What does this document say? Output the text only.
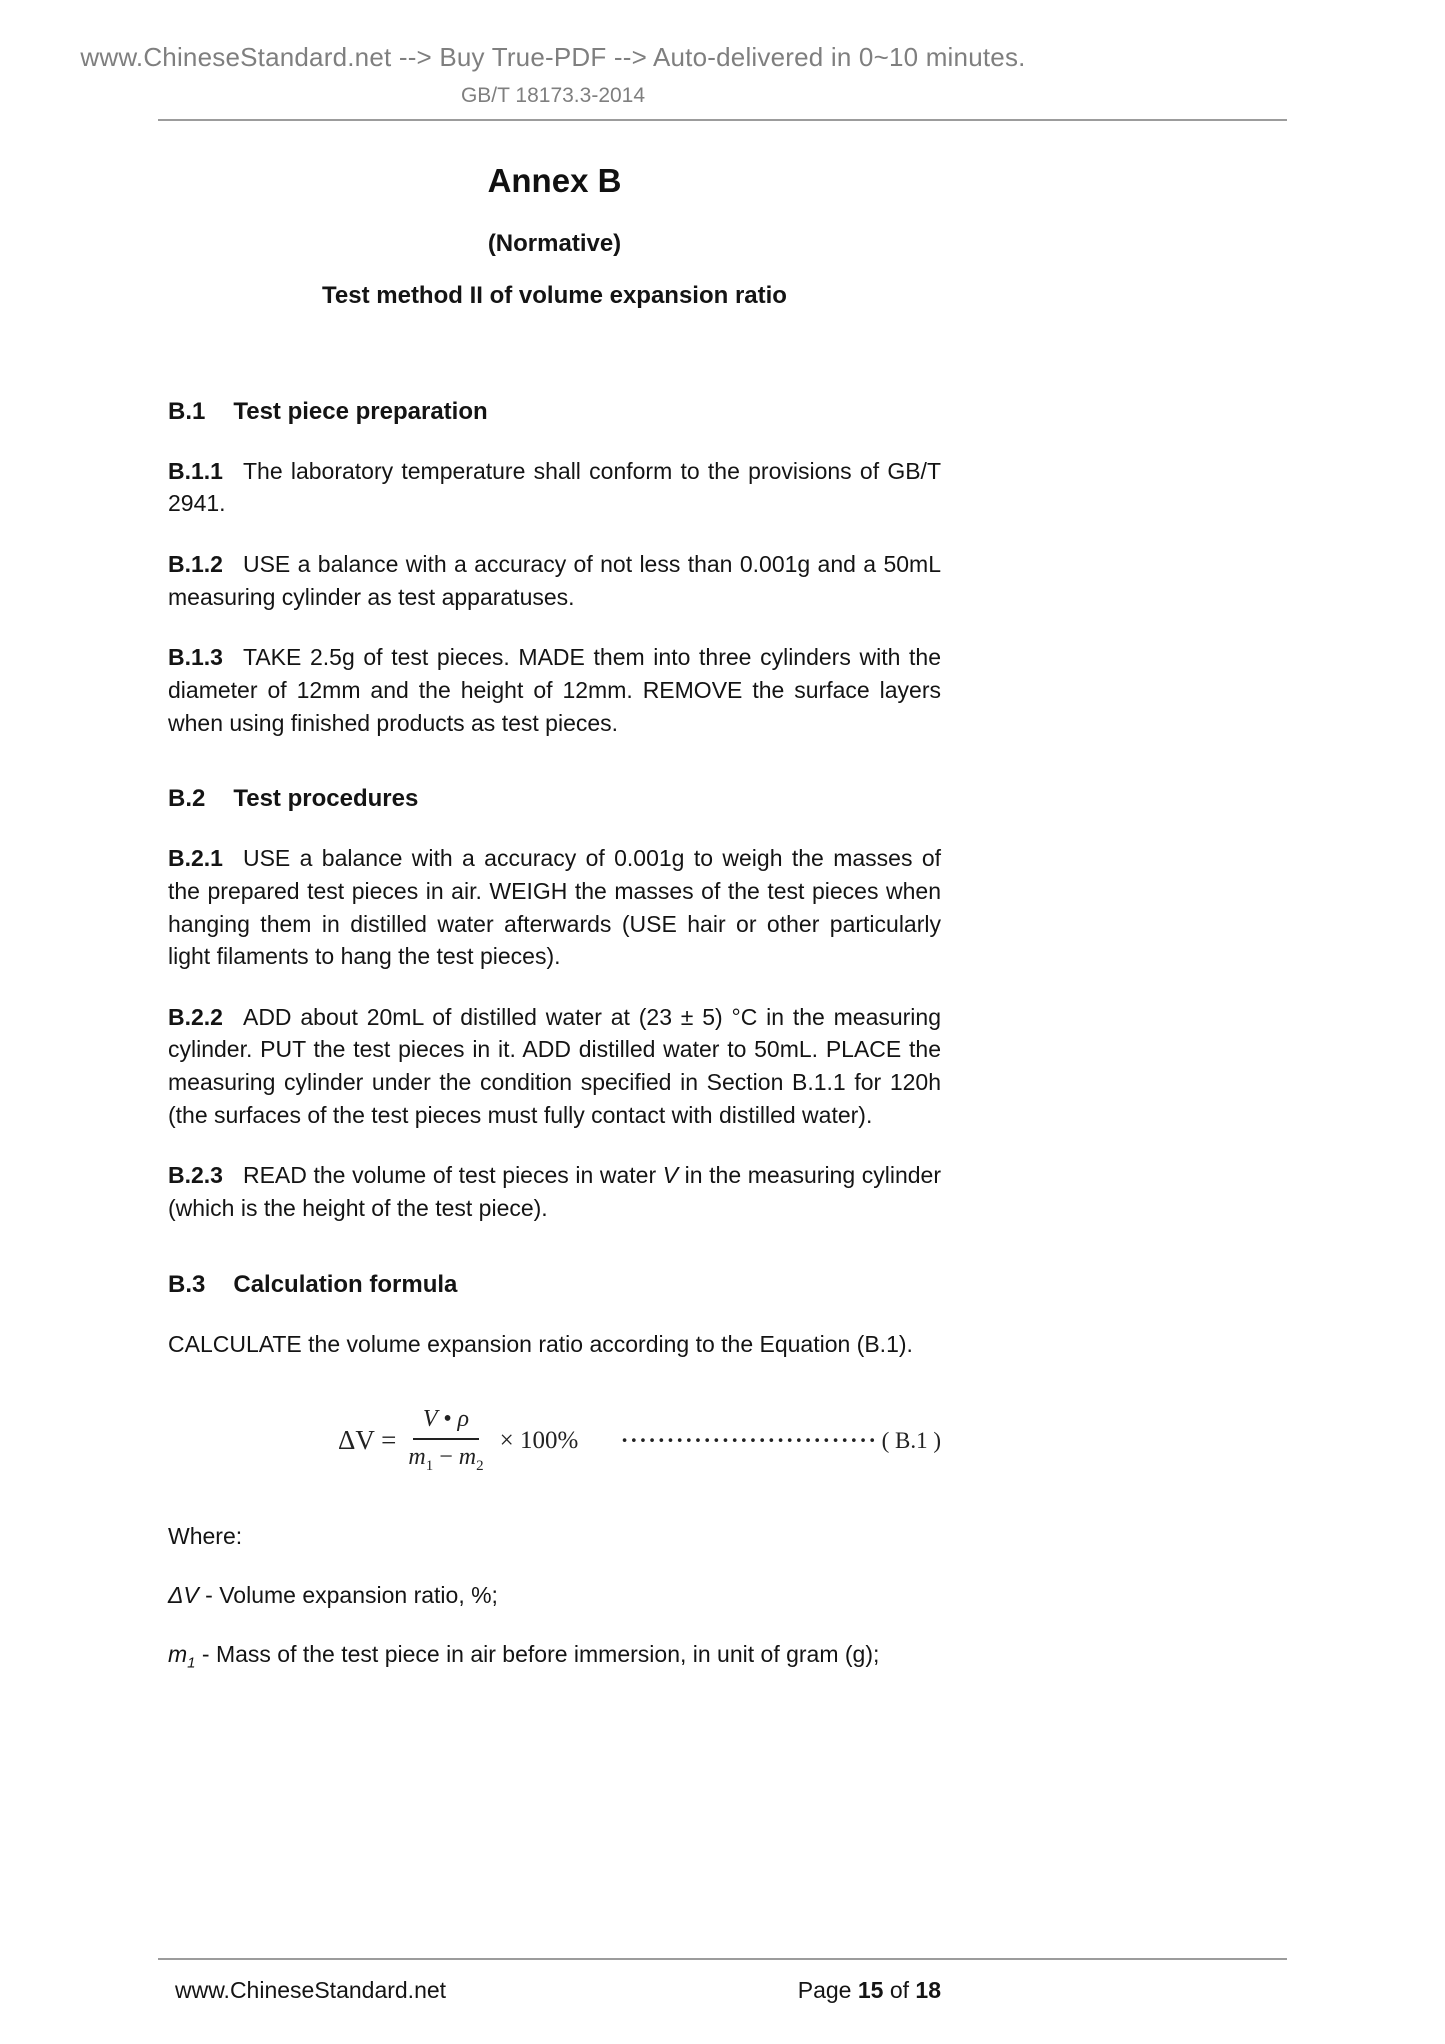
www.ChineseStandard.net --> Buy True-PDF --> Auto-delivered in 0~10 minutes.
GB/T 18173.3-2014
Annex B
(Normative)
Test method II of volume expansion ratio
B.1 Test piece preparation

B.1.1 The laboratory temperature shall conform to the provisions of GB/T 2941.

B.1.2 USE a balance with a accuracy of not less than 0.001g and a 50mL measuring cylinder as test apparatuses.

B.1.3 TAKE 2.5g of test pieces. MADE them into three cylinders with the diameter of 12mm and the height of 12mm. REMOVE the surface layers when using finished products as test pieces.

B.2 Test procedures

B.2.1 USE a balance with a accuracy of 0.001g to weigh the masses of the prepared test pieces in air. WEIGH the masses of the test pieces when hanging them in distilled water afterwards (USE hair or other particularly light filaments to hang the test pieces).

B.2.2 ADD about 20mL of distilled water at (23 ± 5) °C in the measuring cylinder. PUT the test pieces in it. ADD distilled water to 50mL. PLACE the measuring cylinder under the condition specified in Section B.1.1 for 120h (the surfaces of the test pieces must fully contact with distilled water).

B.2.3 READ the volume of test pieces in water V in the measuring cylinder (which is the height of the test piece).

B.3 Calculation formula

CALCULATE the volume expansion ratio according to the Equation (B.1).

$\Delta V = \frac{V • \rho}{m_1 - m_2} \times 100\%$ ···························· ( B.1 )

Where:

ΔV - Volume expansion ratio, %;

$m_1$ - Mass of the test piece in air before immersion, in unit of gram (g);

www.ChineseStandard.net	Page 15 of 18
